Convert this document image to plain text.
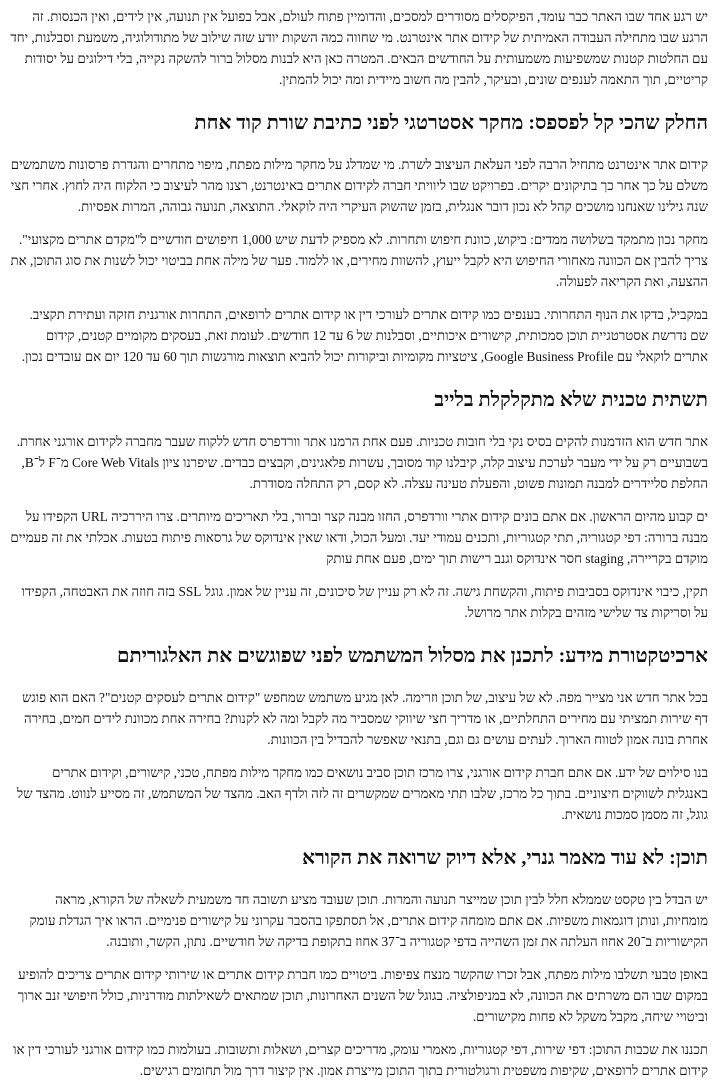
יש רגע אחד שבו האתר כבר עומד, הפיקסלים מסודרים למסכים, והדומיין פתוח לעולם, אבל בפועל אין תנועה, אין לידים, ואין הכנסות. זה הרגע שבו מתחילה העבודה האמיתית של קידום אתר אינטרנט. מי שחווה כמה השקות יודע שזה שילוב של מתודולוגיה, משמעת וסבלנות, יחד עם החלטות קטנות שמשפיעות משמעותית על החודשים הבאים. המטרה כאן היא לבנות מסלול ברור להשקה נקייה, בלי דילוגים על יסודות קריטיים, תוך התאמה לענפים שונים, ובעיקר, להבין מה חשוב מיידית ומה יכול להמתין.

החלק שהכי קל לפספס: מחקר אסטרטגי לפני כתיבת שורת קוד אחת

קידום אתר אינטרנט מתחיל הרבה לפני העלאת העיצוב לשרת. מי שמדלג על מחקר מילות מפתח, מיפוי מתחרים והגדרת פרסונות משתמשים משלם על כך אחר כך בתיקונים יקרים. בפרויקט שבו ליוויתי חברה לקידום אתרים באינטרנט, רצנו מהר לעיצוב כי הלקוח היה לחוץ. אחרי חצי שנה גילינו שאנחנו מושכים קהל לא נכון דובר אנגלית, בזמן שהשוק העיקרי היה לוקאלי. התוצאה, תנועה גבוהה, המרות אפסיות.

מחקר נכון מתמקד בשלושה ממדים: ביקוש, כוונת חיפוש ותחרות. לא מספיק לדעת שיש 1,000 חיפושים חודשיים ל"מקדם אתרים מקצועי". צריך להבין אם הכוונה מאחורי החיפוש היא לקבל ייעוץ, להשוות מחירים, או ללמוד. פער של מילה אחת בביטוי יכול לשנות את סוג התוכן, את ההצעה, ואת הקריאה לפעולה.

במקביל, בדקו את הנוף התחרותי. בענפים כמו קידום אתרים לעורכי דין או קידום אתרים לרופאים, התחרות אורגנית חזקה ועתירת תקציב. שם נדרשת אסטרטגיית תוכן סמכותית, קישורים איכותיים, וסבלנות של 6 עד 12 חודשים. לעומת זאת, בעסקים מקומיים קטנים, קידום אתרים לוקאלי עם Google Business Profile, ציטציות מקומיות וביקורות יכול להביא תוצאות מורגשות תוך 60 עד 120 יום אם עובדים נכון.

תשתית טכנית שלא מתקלקלת בלייב

אתר חדש הוא הזדמנות להקים בסיס נקי בלי חובות טכניות. פעם אחת הרמנו אתר וורדפרס חדש ללקוח שעבר מחברה לקידום אורגני אחרת. בשבועיים רק על ידי מעבר לערכת עיצוב קלה, קיבלנו קוד מסובך, עשרות פלאגינים, וקבצים כבדים. שיפרנו ציון Core Web Vitals מ־F ל־B, החלפת סליידרים למבנה תמונות פשוט, והפעלת טעינה עצלה. לא קסם, רק התחלה מסודרת.

ים קבוע מהיום הראשון. אם אתם בונים קידום אתרי וורדפרס, החזו מבנה קצר וברור, בלי תאריכים מיותרים. צרו היררכיה URL הקפידו על מבנה ברורה: דפי קטגוריה, תתי קטגוריות, ותכנים עמודי יעד. ומעל הכול, ודאו שאין אינדוקס של גרסאות פיתוח בטעות. אכלתי את זה פעמיים מוקדם בקריירה, staging חסר אינדוקס וגנב רישות תוך ימים, פעם אחת עותק

תקין, כיבוי אינדוקס בסביבות פיתוח, והקשחת גישה. זה לא רק עניין של סיכונים, זה עניין של אמון. גוגל SSL בזה חוזה את האבטחה, הקפידו על וסריקות צד שלישי מזהים בקלות אתר מרושל.

ארכיטקטורת מידע: לתכנן את מסלול המשתמש לפני שפוגשים את האלגוריתם

בכל אתר חדש אני מצייר מפה. לא של עיצוב, של תוכן וזרימה. לאן מגיע משתמש שמחפש "קידום אתרים לעסקים קטנים"? האם הוא פוגש דף שירות תמציתי עם מחירים התחלתיים, או מדריך חצי שיווקי שמסביר מה לקבל ומה לא לקנות? בחירה אחת מכוונת לידים חמים, בחירה אחרת בונה אמון לטווח הארוך. לעתים עושים גם וגם, בתנאי שאפשר להבדיל בין הכוונות.

בנו סילוים של ידע. אם אתם חברת קידום אורגני, צרו מרכז תוכן סביב נושאים כמו מחקר מילות מפתח, טכני, קישורים, וקידום אתרים באנגלית לשווקים חיצוניים. בתוך כל מרכז, שלבו תתי מאמרים שמקשרים זה לזה ולדף האב. מהצד של המשתמש, זה מסייע לנווט. מהצד של גוגל, זה מסמן סמכות נושאית.

תוכן: לא עוד מאמר גנרי, אלא דיוק שרואה את הקורא

יש הבדל בין טקסט שממלא חלל לבין תוכן שמייצר תנועה והמרות. תוכן שעובד מציע תשובה חד משמעית לשאלה של הקורא, מראה מומחיות, ונותן דוגמאות משפיות. אם אתם מומחה קידום אתרים, אל תסתפקו בהסבר עקרוני על קישורים פנימיים. הראו איך הגדלת עומק הקישוריות ב־20 אחוז העלתה את זמן השהייה בדפי קטגוריה ב־37 אחוז בתקופת בדיקה של חודשיים. נתון, הקשר, ותובנה.

באופן טבעי תשלבו מילות מפתח, אבל זכרו שהקשר מנצח צפיפות. ביטויים כמו חברת קידום אתרים או שירותי קידום אתרים צריכים להופיע במקום שבו הם משרתים את הכוונה, לא במניפולציה. בגוגל של השנים האחרונות, תוכן שמתאים לשאילתות מודרניות, כולל חיפושי זנב ארוך וביטויי שיחה, מקבל משקל לא פחות מקישורים.

תכננו את שכבות התוכן: דפי שירות, דפי קטגוריות, מאמרי עומק, מדריכים קצרים, ושאלות ותשובות. בעולמות כמו קידום אורגני לעורכי דין או קידום אתרים לרופאים, שקיפות משפטית ורגולטורית בתוך התוכן מייצרת אמון. אין קיצור דרך מול תחומים רגישים.
